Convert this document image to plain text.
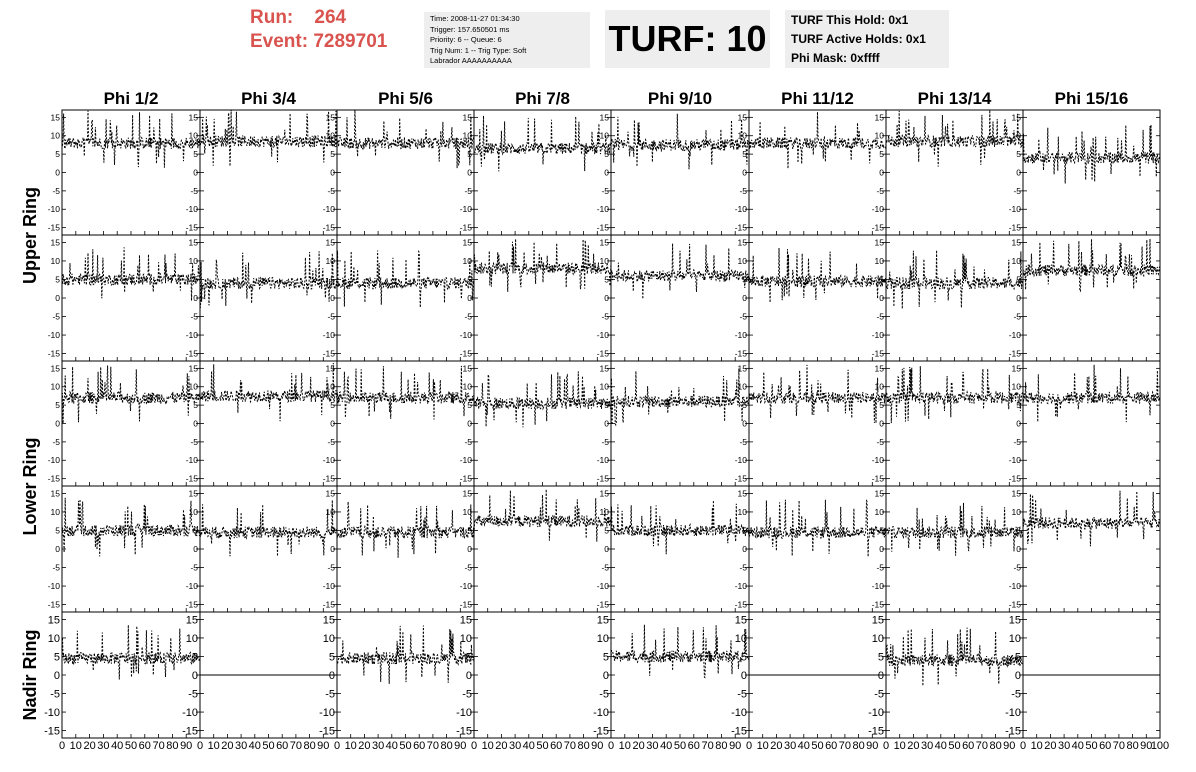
Run: 264
Event: 7289701
Time: 2008-11-27 01:34:30
Trigger: 157.650501 ms
Priority: 6 -- Queue: 6
Trig Num: 1 -- Trig Type: Soft
Labrador AAAAAAAAAA
TURF: 10 TURF This Hold: 0x1
TURF Active Holds: 0x1
Phi Mask: 0xffff
Phi 1/2	Phi 3/4	Phi 5/6	Phi 7/8	Phi 9/10	Phi 11/12	Phi 13/14	Phi 15/16
Upper Ring
Lower Ring
Nadir Ring
-15
-10
-5
0
5
10
15
-15
-10
-5
0
5
10
15
-15
-10
-5
0
5
10
15
-15
-10
-5
0
5
10
15
-15
-10
-5
0
5
10
15
-15
-10
-5
0
5
10
15
-15
-10
-5
0
5
10
15
-15
-10
-5
0
5
10
15
-15
-10
-5
0
5
10
15
-15
-10
-5
0
5
10
15
-15
-10
-5
0
5
10
15
-15
-10
-5
0
5
10
15
-15
-10
-5
0
5
10
15
-15
-10
-5
0
5
10
15
-15
-10
-5
0
5
10
15
-15
-10
-5
0
5
10
15
-15
-10
-5
0
5
10
15
-15
-10
-5
0
5
10
15
-15
-10
-5
0
5
10
15
-15
-10
-5
0
5
10
15
-15
-10
-5
0
5
10
15
-15
-10
-5
0
5
10
15
-15
-10
-5
0
5
10
15
-15
-10
-5
0
5
10
15
-15
-10
-5
0
5
10
15
-15
-10
-5
0
5
10
15
-15
-10
-5
0
5
10
15
-15
-10
-5
0
5
10
15
-15
-10
-5
0
5
10
15
-15
-10
-5
0
5
10
15
-15
-10
-5
0
5
10
15
-15
-10
-5
0
5
10
15
-15
-10
-5
0
5
10
15
0 10 20 30 40 50 60 70 80 90
-15
-10
-5
0
5
10
15
0 10 20 30 40 50 60 70 80 90
-15
-10
-5
0
5
10
15
0 10 20 30 40 50 60 70 80 90
-15
-10
-5
0
5
10
15
0 10 20 30 40 50 60 70 80 90
-15
-10
-5
0
5
10
15
0 10 20 30 40 50 60 70 80 90
-15
-10
-5
0
5
10
15
0 10 20 30 40 50 60 70 80 90
-15
-10
-5
0
5
10
15
0 10 20 30 40 50 60 70 80 90
-15
-10
-5
0
5
10
15
0 10 20 30 40 50 60 70 80 90
100
